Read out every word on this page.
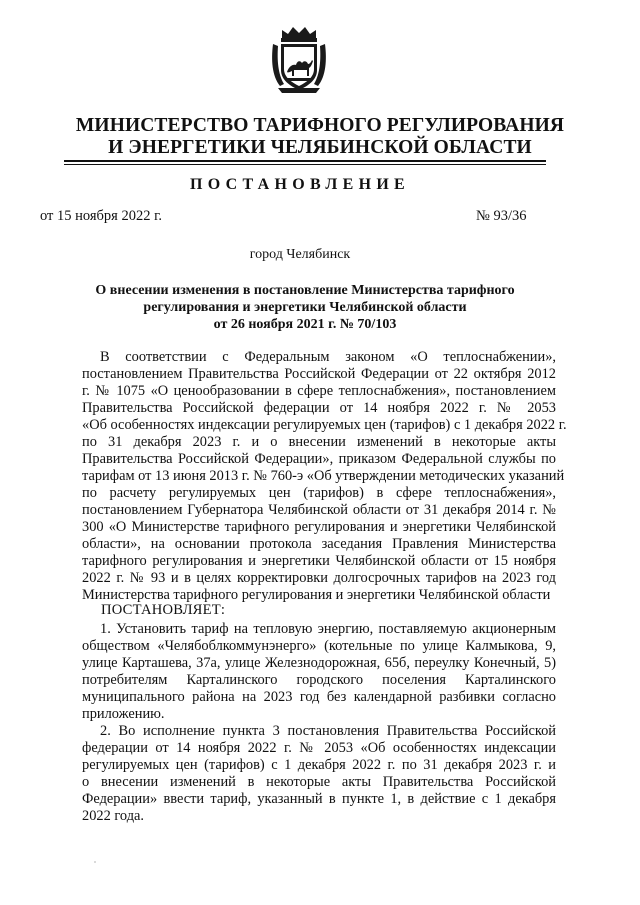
МИНИСТЕРСТВО ТАРИФНОГО РЕГУЛИРОВАНИЯ
И ЭНЕРГЕТИКИ ЧЕЛЯБИНСКОЙ ОБЛАСТИ
ПОСТАНОВЛЕНИЕ
от 15 ноября 2022 г.	№ 93/36
город Челябинск
О внесении изменения в постановление Министерства тарифного
регулирования и энергетики Челябинской области
от 26 ноября 2021 г. № 70/103
В соответствии с Федеральным законом «О теплоснабжении»,
постановлением Правительства Российской Федерации от 22 октября 2012
г. № 1075 «О ценообразовании в сфере теплоснабжения», постановлением
Правительства Российской федерации от 14 ноября 2022 г. № 2053
«Об особенностях индексации регулируемых цен (тарифов) с 1 декабря 2022 г.
по 31 декабря 2023 г. и о внесении изменений в некоторые акты
Правительства Российской Федерации», приказом Федеральной службы по
тарифам от 13 июня 2013 г. № 760-э «Об утверждении методических указаний
по расчету регулируемых цен (тарифов) в сфере теплоснабжения»,
постановлением Губернатора Челябинской области от 31 декабря 2014 г. №
300 «О Министерстве тарифного регулирования и энергетики Челябинской
области», на основании протокола заседания Правления Министерства
тарифного регулирования и энергетики Челябинской области от 15 ноября
2022 г. № 93 и в целях корректировки долгосрочных тарифов на 2023 год
Министерства тарифного регулирования и энергетики Челябинской области
ПОСТАНОВЛЯЕТ:
1. Установить тариф на тепловую энергию, поставляемую акционерным
обществом «Челябоблкоммунэнерго» (котельные по улице Калмыкова, 9,
улице Карташева, 37а, улице Железнодорожная, 65б, переулку Конечный, 5)
потребителям Карталинского городского поселения Карталинского
муниципального района на 2023 год без календарной разбивки согласно
приложению.
2. Во исполнение пункта 3 постановления Правительства Российской
федерации от 14 ноября 2022 г. № 2053 «Об особенностях индексации
регулируемых цен (тарифов) с 1 декабря 2022 г. по 31 декабря 2023 г. и
о внесении изменений в некоторые акты Правительства Российской
Федерации» ввести тариф, указанный в пункте 1, в действие с 1 декабря
2022 года.
